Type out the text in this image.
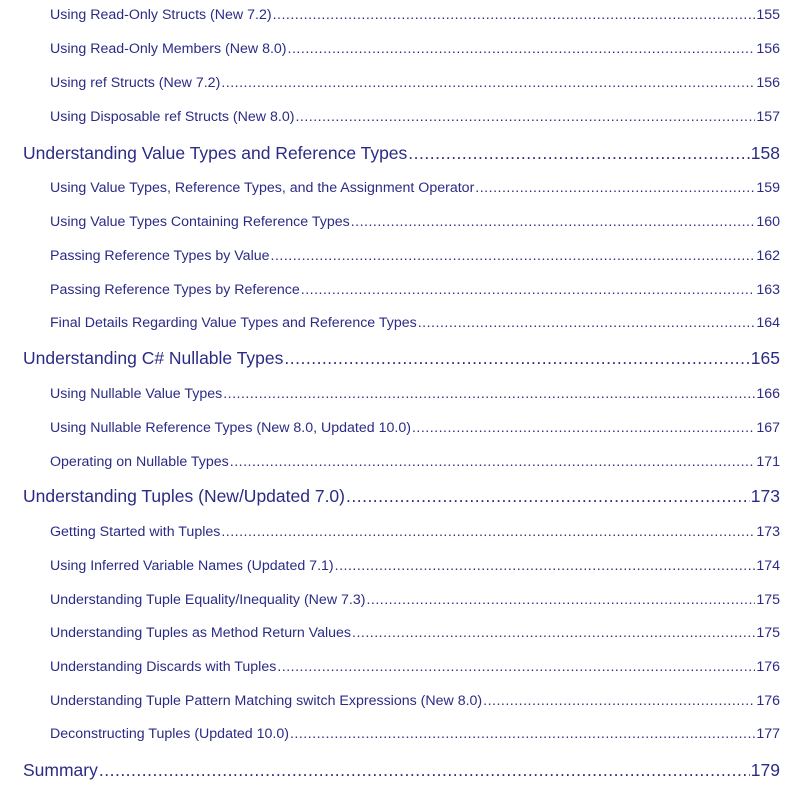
Using Read-Only Structs (New 7.2) .....	155
Using Read-Only Members (New 8.0) .....	156
Using ref Structs (New 7.2) .....	156
Using Disposable ref Structs (New 8.0) .....	157
Understanding Value Types and Reference Types .....	158
Using Value Types, Reference Types, and the Assignment Operator .....	159
Using Value Types Containing Reference Types .....	160
Passing Reference Types by Value .....	162
Passing Reference Types by Reference .....	163
Final Details Regarding Value Types and Reference Types .....	164
Understanding C# Nullable Types .....	165
Using Nullable Value Types .....	166
Using Nullable Reference Types (New 8.0, Updated 10.0) .....	167
Operating on Nullable Types .....	171
Understanding Tuples (New/Updated 7.0) .....	173
Getting Started with Tuples .....	173
Using Inferred Variable Names (Updated 7.1) .....	174
Understanding Tuple Equality/Inequality (New 7.3) .....	175
Understanding Tuples as Method Return Values .....	175
Understanding Discards with Tuples .....	176
Understanding Tuple Pattern Matching switch Expressions (New 8.0) .....	176
Deconstructing Tuples (Updated 10.0) .....	177
Summary .....	179
